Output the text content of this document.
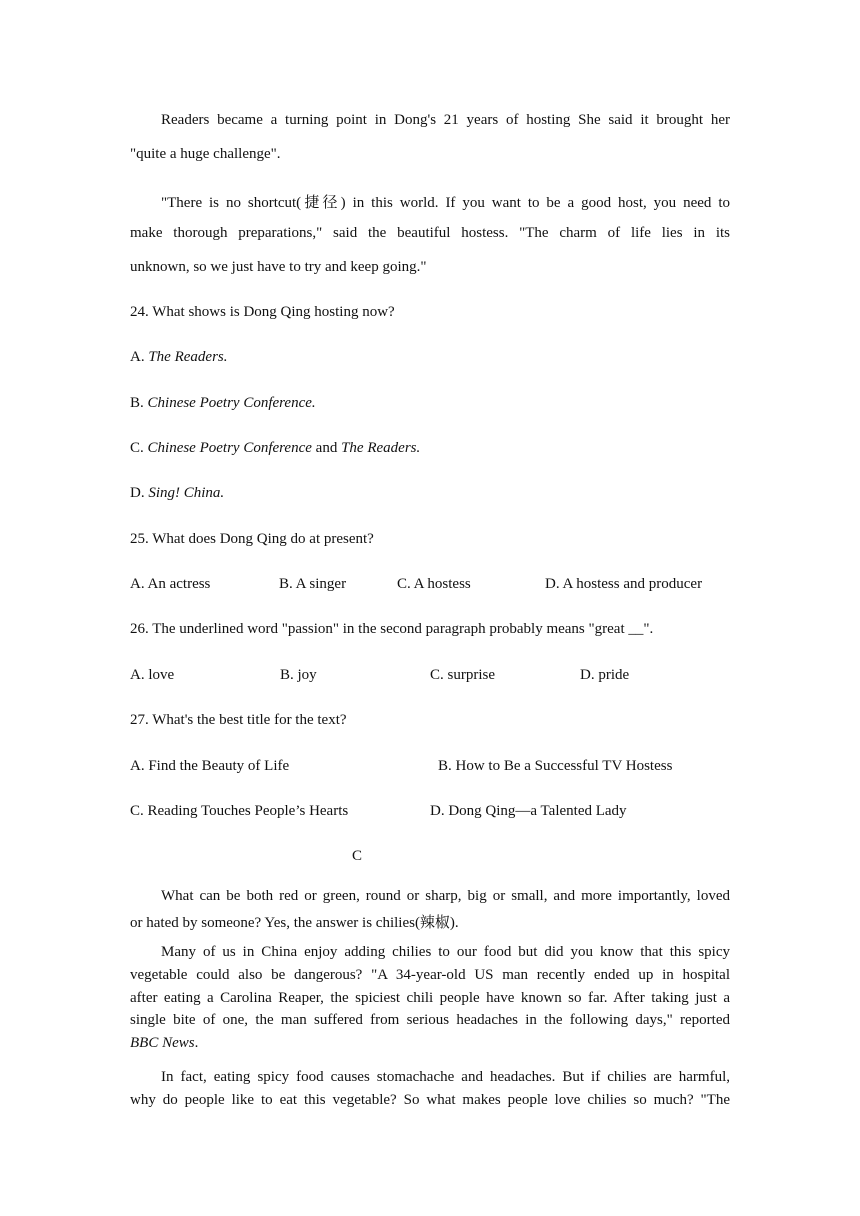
Readers became a turning point in Dong's 21 years of hosting She said it brought her
"quite a huge challenge".
"There is no shortcut(捷径) in this world. If you want to be a good host, you need to
make thorough preparations," said the beautiful hostess. "The charm of life lies in its
unknown, so we just have to try and keep going."
24. What shows is Dong Qing hosting now?
A. The Readers.
B. Chinese Poetry Conference.
C. Chinese Poetry Conference and The Readers.
D. Sing! China.
25. What does Dong Qing do at present?
A. An actress	B. A singer	C. A hostess	D. A hostess and producer
26. The underlined word "passion" in the second paragraph probably means "great __".
A. love	B. joy	C. surprise	D. pride
27. What's the best title for the text?
A. Find the Beauty of Life	B. How to Be a Successful TV Hostess
C. Reading Touches People’s Hearts	D. Dong Qing—a Talented Lady
C
What can be both red or green, round or sharp, big or small, and more importantly, loved
or hated by someone? Yes, the answer is chilies(辣椒).
Many of us in China enjoy adding chilies to our food but did you know that this spicy
vegetable could also be dangerous? "A 34-year-old US man recently ended up in hospital
after eating a Carolina Reaper, the spiciest chili people have known so far. After taking just a
single bite of one, the man suffered from serious headaches in the following days," reported
BBC News.
In fact, eating spicy food causes stomachache and headaches. But if chilies are harmful,
why do people like to eat this vegetable? So what makes people love chilies so much? "The
